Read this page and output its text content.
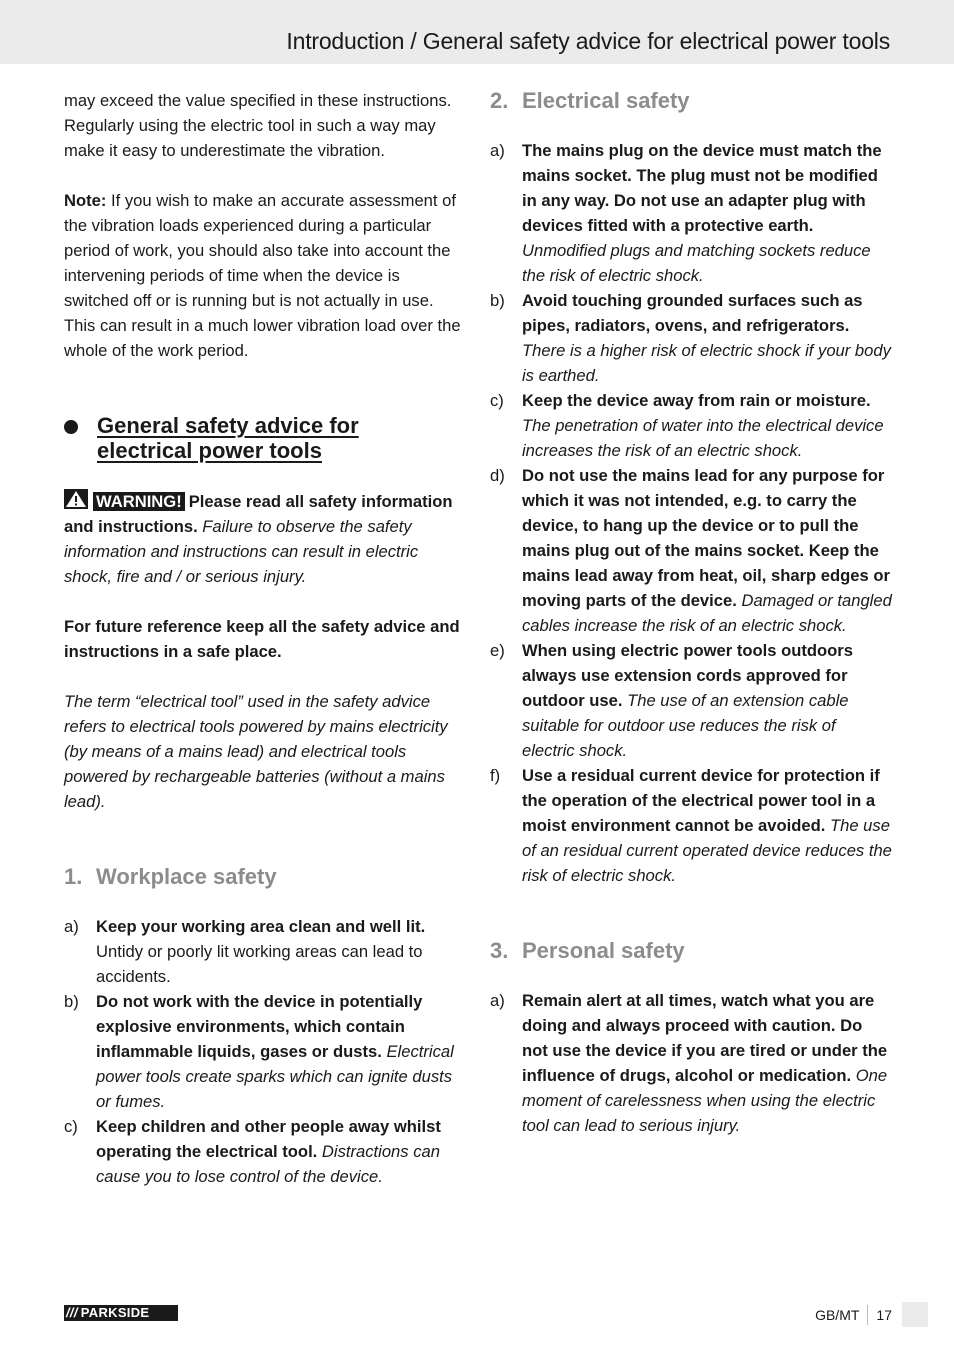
Introduction / General safety advice for electrical power tools

may exceed the value specified in these instructions. Regularly using the electric tool in such a way may make it easy to underestimate the vibration.

Note: If you wish to make an accurate assessment of the vibration loads experienced during a particular period of work, you should also take into account the intervening periods of time when the device is switched off or is running but is not actually in use. This can result in a much lower vibration load over the whole of the work period.

General safety advice for
electrical power tools

WARNING! Please read all safety information and instructions. Failure to observe the safety information and instructions can result in electric shock, fire and / or serious injury.

For future reference keep all the safety advice and instructions in a safe place.

The term “electrical tool” used in the safety advice refers to electrical tools powered by mains electricity (by means of a mains lead) and electrical tools powered by rechargeable batteries (without a mains lead).

1. Workplace safety
a)	Keep your working area clean and well lit. Untidy or poorly lit working areas can lead to accidents.
b)	Do not work with the device in potentially explosive environments, which contain inflammable liquids, gases or dusts. Electrical power tools create sparks which can ignite dusts or fumes.
c)	Keep children and other people away whilst operating the electrical tool. Distractions can cause you to lose control of the device.
2. Electrical safety
a)	The mains plug on the device must match the mains socket. The plug must not be modified in any way. Do not use an adapter plug with devices fitted with a protective earth. Unmodified plugs and matching sockets reduce the risk of electric shock.
b)	Avoid touching grounded surfaces such as pipes, radiators, ovens, and refrigerators. There is a higher risk of electric shock if your body is earthed.
c)	Keep the device away from rain or moisture. The penetration of water into the electrical device increases the risk of an electric shock.
d)	Do not use the mains lead for any purpose for which it was not intended, e.g. to carry the device, to hang up the device or to pull the mains plug out of the mains socket. Keep the mains lead away from heat, oil, sharp edges or moving parts of the device. Damaged or tangled cables increase the risk of an electric shock.
e)	When using electric power tools outdoors always use extension cords approved for outdoor use. The use of an extension cable suitable for outdoor use reduces the risk of electric shock.
f)	Use a residual current device for protection if the operation of the electrical power tool in a moist environment cannot be avoided. The use of an residual current operated device reduces the risk of electric shock.
3. Personal safety
a)	Remain alert at all times, watch what you are doing and always proceed with caution. Do not use the device if you are tired or under the influence of drugs, alcohol or medication. One moment of carelessness when using the electric tool can lead to serious injury.
/// PARKSIDE	GB/MT 17
